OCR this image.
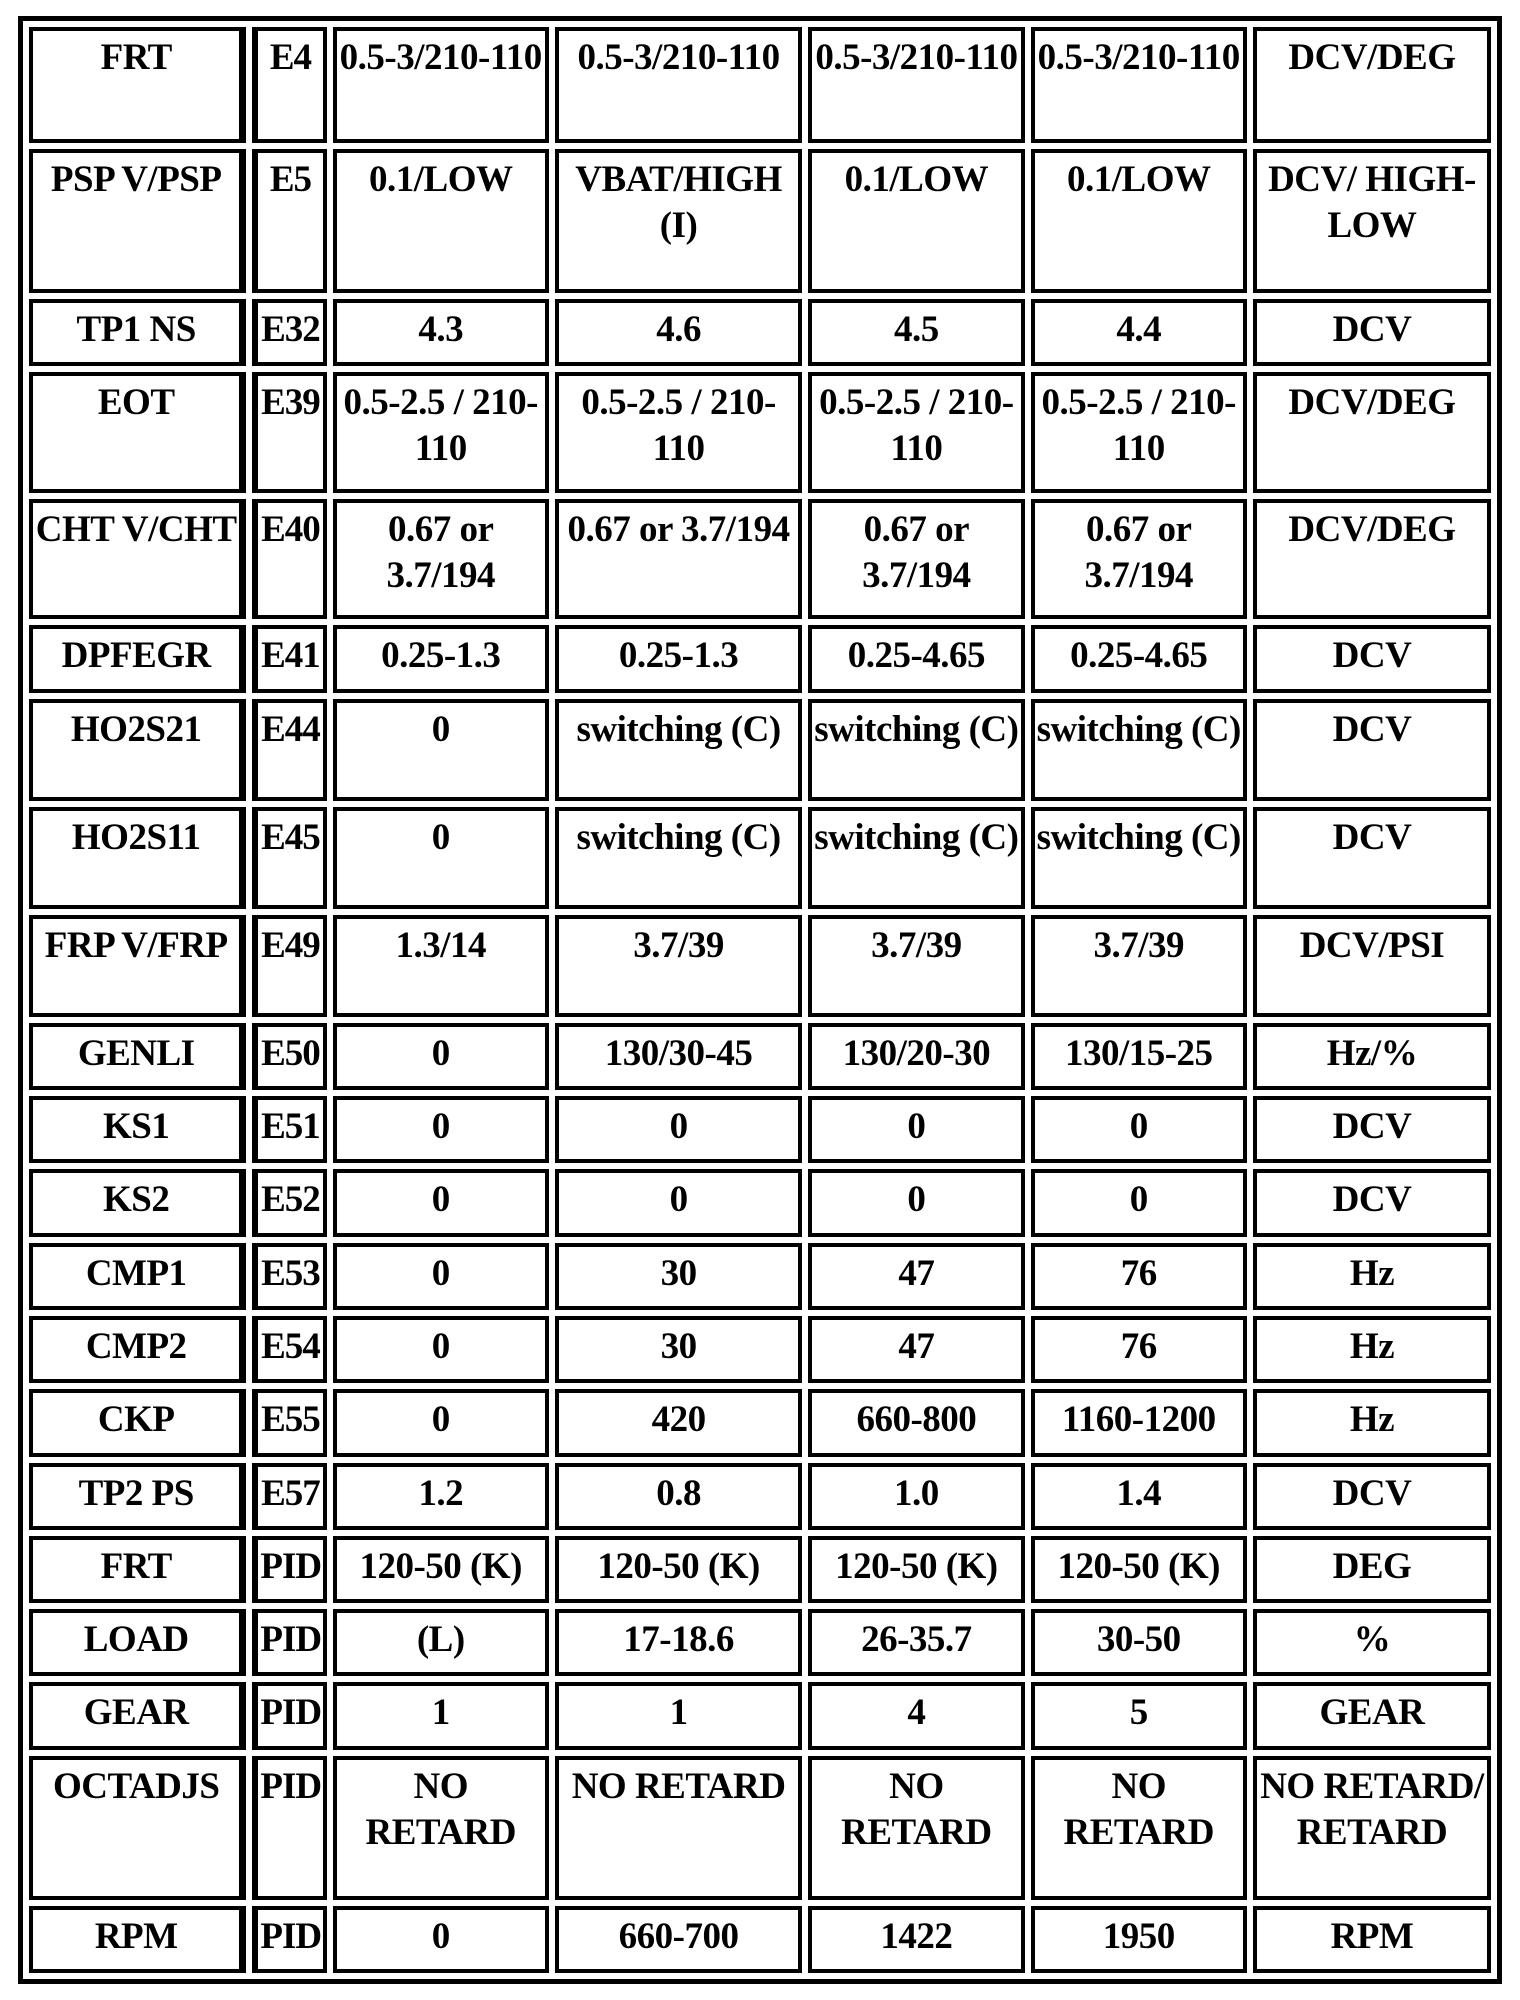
FRT	E4	0.5-3/210-110	0.5-3/210-110	0.5-3/210-110	0.5-3/210-110	DCV/DEG
PSP V/PSP	E5	0.1/LOW	VBAT/HIGH (I)	0.1/LOW	0.1/LOW	DCV/ HIGH- LOW
TP1 NS	E32	4.3	4.6	4.5	4.4	DCV
EOT	E39	0.5-2.5 / 210-110	0.5-2.5 / 210-110	0.5-2.5 / 210-110	0.5-2.5 / 210-110	DCV/DEG
CHT V/CHT	E40	0.67 or 3.7/194	0.67 or 3.7/194	0.67 or 3.7/194	0.67 or 3.7/194	DCV/DEG
DPFEGR	E41	0.25-1.3	0.25-1.3	0.25-4.65	0.25-4.65	DCV
HO2S21	E44	0	switching (C)	switching (C)	switching (C)	DCV
HO2S11	E45	0	switching (C)	switching (C)	switching (C)	DCV
FRP V/FRP	E49	1.3/14	3.7/39	3.7/39	3.7/39	DCV/PSI
GENLI	E50	0	130/30-45	130/20-30	130/15-25	Hz/%
KS1	E51	0	0	0	0	DCV
KS2	E52	0	0	0	0	DCV
CMP1	E53	0	30	47	76	Hz
CMP2	E54	0	30	47	76	Hz
CKP	E55	0	420	660-800	1160-1200	Hz
TP2 PS	E57	1.2	0.8	1.0	1.4	DCV
FRT	PID	120-50 (K)	120-50 (K)	120-50 (K)	120-50 (K)	DEG
LOAD	PID	(L)	17-18.6	26-35.7	30-50	%
GEAR	PID	1	1	4	5	GEAR
OCTADJS	PID	NO RETARD	NO RETARD	NO RETARD	NO RETARD	NO RETARD/ RETARD
RPM	PID	0	660-700	1422	1950	RPM
